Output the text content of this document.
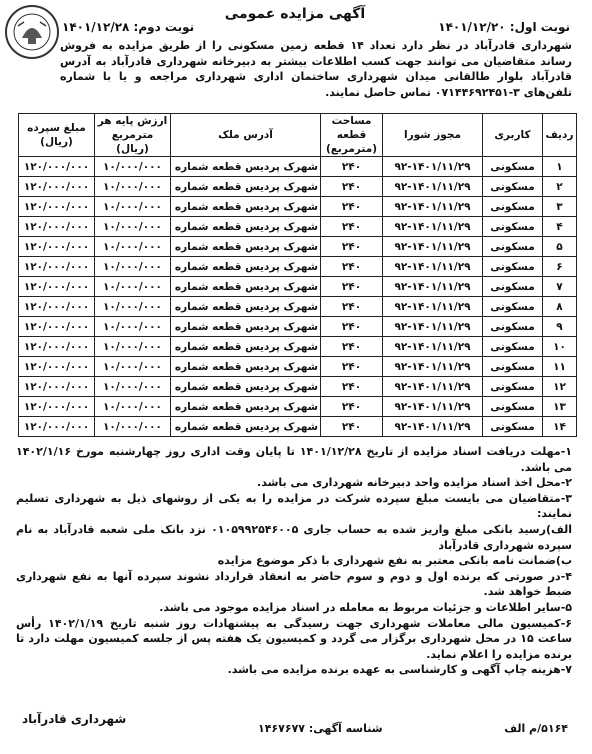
آگهی مزایده عمومی
نوبت اول: ۱۴۰۱/۱۲/۲۰
نوبت دوم: ۱۴۰۱/۱۲/۲۸
شهرداری قادرآباد در نظر دارد تعداد ۱۴ قطعه زمین مسکونی را از طریق مزایده به فروش رساند متقاضیان می توانند جهت کسب اطلاعات بیشتر به دبیرخانه شهرداری قادرآباد به آدرس قادرآباد بلوار طالقانی میدان شهرداری ساختمان اداری شهرداری مراجعه و یا با شماره تلفن‌های ۳-۰۷۱۴۴۶۹۲۴۵۱ تماس حاصل نمایند.
ردیف	کاربری	مجوز شورا	مساحت قطعه (مترمربع)	آدرس ملک	ارزش پایه هر مترمربع (ریال)	مبلغ سپرده (ریال)
۱	مسکونی	۹۲-۱۴۰۱/۱۱/۲۹	۲۴۰	شهرک پردیس قطعه شماره	۱۰/۰۰۰/۰۰۰	۱۲۰/۰۰۰/۰۰۰
۲	مسکونی	۹۲-۱۴۰۱/۱۱/۲۹	۲۴۰	شهرک پردیس قطعه شماره	۱۰/۰۰۰/۰۰۰	۱۲۰/۰۰۰/۰۰۰
۳	مسکونی	۹۲-۱۴۰۱/۱۱/۲۹	۲۴۰	شهرک پردیس قطعه شماره	۱۰/۰۰۰/۰۰۰	۱۲۰/۰۰۰/۰۰۰
۴	مسکونی	۹۲-۱۴۰۱/۱۱/۲۹	۲۴۰	شهرک پردیس قطعه شماره	۱۰/۰۰۰/۰۰۰	۱۲۰/۰۰۰/۰۰۰
۵	مسکونی	۹۲-۱۴۰۱/۱۱/۲۹	۲۴۰	شهرک پردیس قطعه شماره	۱۰/۰۰۰/۰۰۰	۱۲۰/۰۰۰/۰۰۰
۶	مسکونی	۹۲-۱۴۰۱/۱۱/۲۹	۲۴۰	شهرک پردیس قطعه شماره	۱۰/۰۰۰/۰۰۰	۱۲۰/۰۰۰/۰۰۰
۷	مسکونی	۹۲-۱۴۰۱/۱۱/۲۹	۲۴۰	شهرک پردیس قطعه شماره	۱۰/۰۰۰/۰۰۰	۱۲۰/۰۰۰/۰۰۰
۸	مسکونی	۹۲-۱۴۰۱/۱۱/۲۹	۲۴۰	شهرک پردیس قطعه شماره	۱۰/۰۰۰/۰۰۰	۱۲۰/۰۰۰/۰۰۰
۹	مسکونی	۹۲-۱۴۰۱/۱۱/۲۹	۲۴۰	شهرک پردیس قطعه شماره	۱۰/۰۰۰/۰۰۰	۱۲۰/۰۰۰/۰۰۰
۱۰	مسکونی	۹۲-۱۴۰۱/۱۱/۲۹	۲۴۰	شهرک پردیس قطعه شماره	۱۰/۰۰۰/۰۰۰	۱۲۰/۰۰۰/۰۰۰
۱۱	مسکونی	۹۲-۱۴۰۱/۱۱/۲۹	۲۴۰	شهرک پردیس قطعه شماره	۱۰/۰۰۰/۰۰۰	۱۲۰/۰۰۰/۰۰۰
۱۲	مسکونی	۹۲-۱۴۰۱/۱۱/۲۹	۲۴۰	شهرک پردیس قطعه شماره	۱۰/۰۰۰/۰۰۰	۱۲۰/۰۰۰/۰۰۰
۱۳	مسکونی	۹۲-۱۴۰۱/۱۱/۲۹	۲۴۰	شهرک پردیس قطعه شماره	۱۰/۰۰۰/۰۰۰	۱۲۰/۰۰۰/۰۰۰
۱۴	مسکونی	۹۲-۱۴۰۱/۱۱/۲۹	۲۴۰	شهرک پردیس قطعه شماره	۱۰/۰۰۰/۰۰۰	۱۲۰/۰۰۰/۰۰۰

۱-مهلت دریافت اسناد مزایده از تاریخ ۱۴۰۱/۱۲/۲۸ تا پایان وقت اداری روز چهارشنبه مورخ ۱۴۰۲/۱/۱۶ می باشد.

۲-محل اخذ اسناد مزایده واحد دبیرخانه شهرداری می باشد.

۳-متقاضیان می بایست مبلغ سپرده شرکت در مزایده را به یکی از روشهای ذیل به شهرداری تسلیم نمایند:

الف)رسید بانکی مبلغ واریز شده به حساب جاری ۰۱۰۵۹۹۲۵۴۶۰۰۵ نزد بانک ملی شعبه قادرآباد به نام سپرده شهرداری قادرآباد

ب)ضمانت نامه بانکی معتبر به نفع شهرداری با ذکر موضوع مزایده

۴-در صورتی که برنده اول و دوم و سوم حاضر به انعقاد قرارداد نشوند سپرده آنها به نفع شهرداری ضبط خواهد شد.

۵-سایر اطلاعات و جزئیات مربوط به معامله در اسناد مزایده موجود می باشد.

۶-کمیسیون مالی معاملات شهرداری جهت رسیدگی به پیشنهادات روز شنبه تاریخ ۱۴۰۲/۱/۱۹ رأس ساعت ۱۵ در محل شهرداری برگزار می گردد و کمیسیون یک هفته پس از جلسه کمیسیون مهلت دارد تا برنده مزایده را اعلام نماید.

۷-هزینه چاپ آگهی و کارشناسی به عهده برنده مزایده می باشد.

شهرداری قادرآباد
۵۱۶۴/م الف
شناسه آگهی: ۱۴۶۷۶۷۷
